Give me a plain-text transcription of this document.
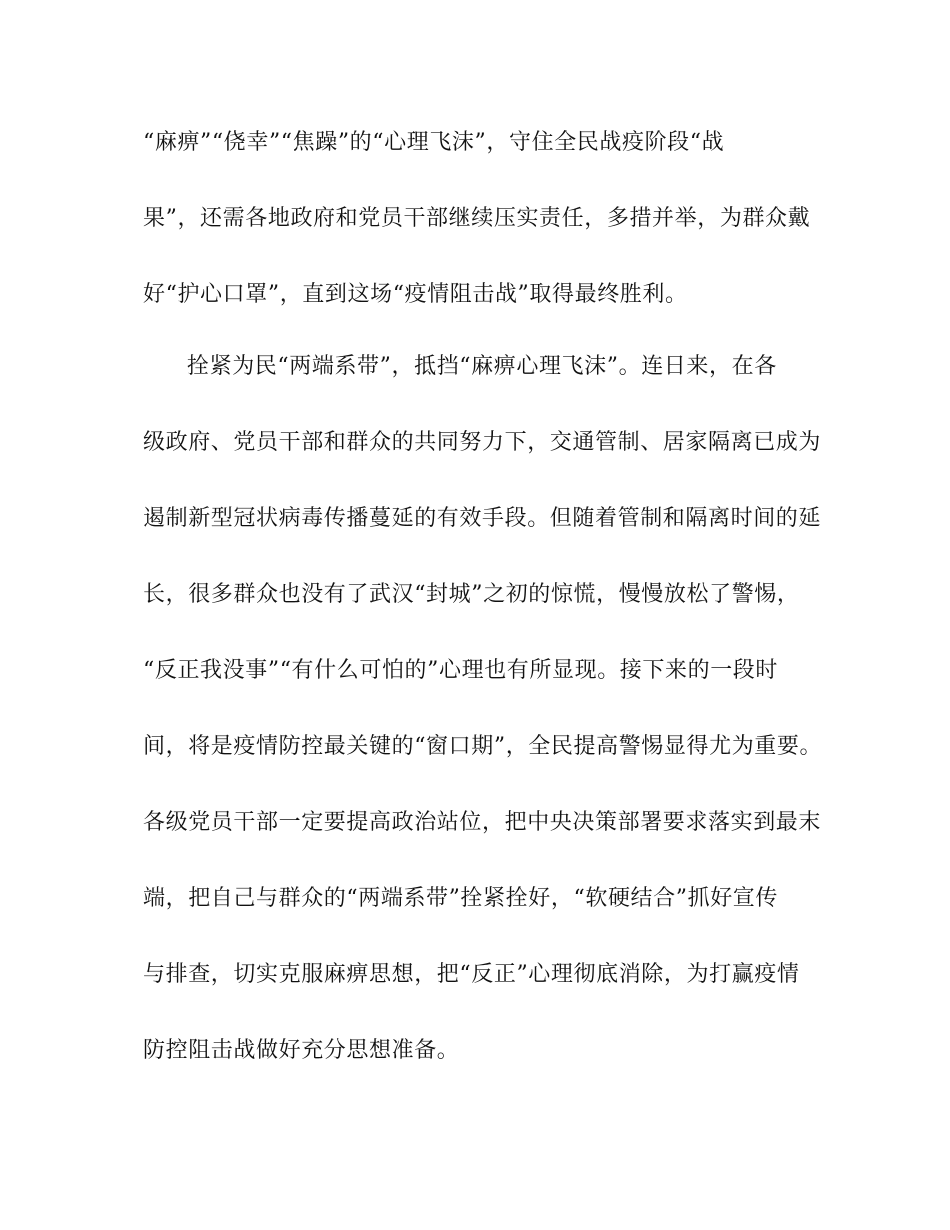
“麻痹”“侥幸”“焦躁”的“心理飞沫”，守住全民战疫阶段“战
果”，还需各地政府和党员干部继续压实责任，多措并举，为群众戴
好“护心口罩”，直到这场“疫情阻击战”取得最终胜利。
拴紧为民“两端系带”，抵挡“麻痹心理飞沫”。连日来，在各
级政府、党员干部和群众的共同努力下，交通管制、居家隔离已成为
遏制新型冠状病毒传播蔓延的有效手段。但随着管制和隔离时间的延
长，很多群众也没有了武汉“封城”之初的惊慌，慢慢放松了警惕，
“反正我没事”“有什么可怕的”心理也有所显现。接下来的一段时
间，将是疫情防控最关键的“窗口期”，全民提高警惕显得尤为重要。
各级党员干部一定要提高政治站位，把中央决策部署要求落实到最末
端，把自己与群众的“两端系带”拴紧拴好，“软硬结合”抓好宣传
与排查，切实克服麻痹思想，把“反正”心理彻底消除，为打赢疫情
防控阻击战做好充分思想准备。
